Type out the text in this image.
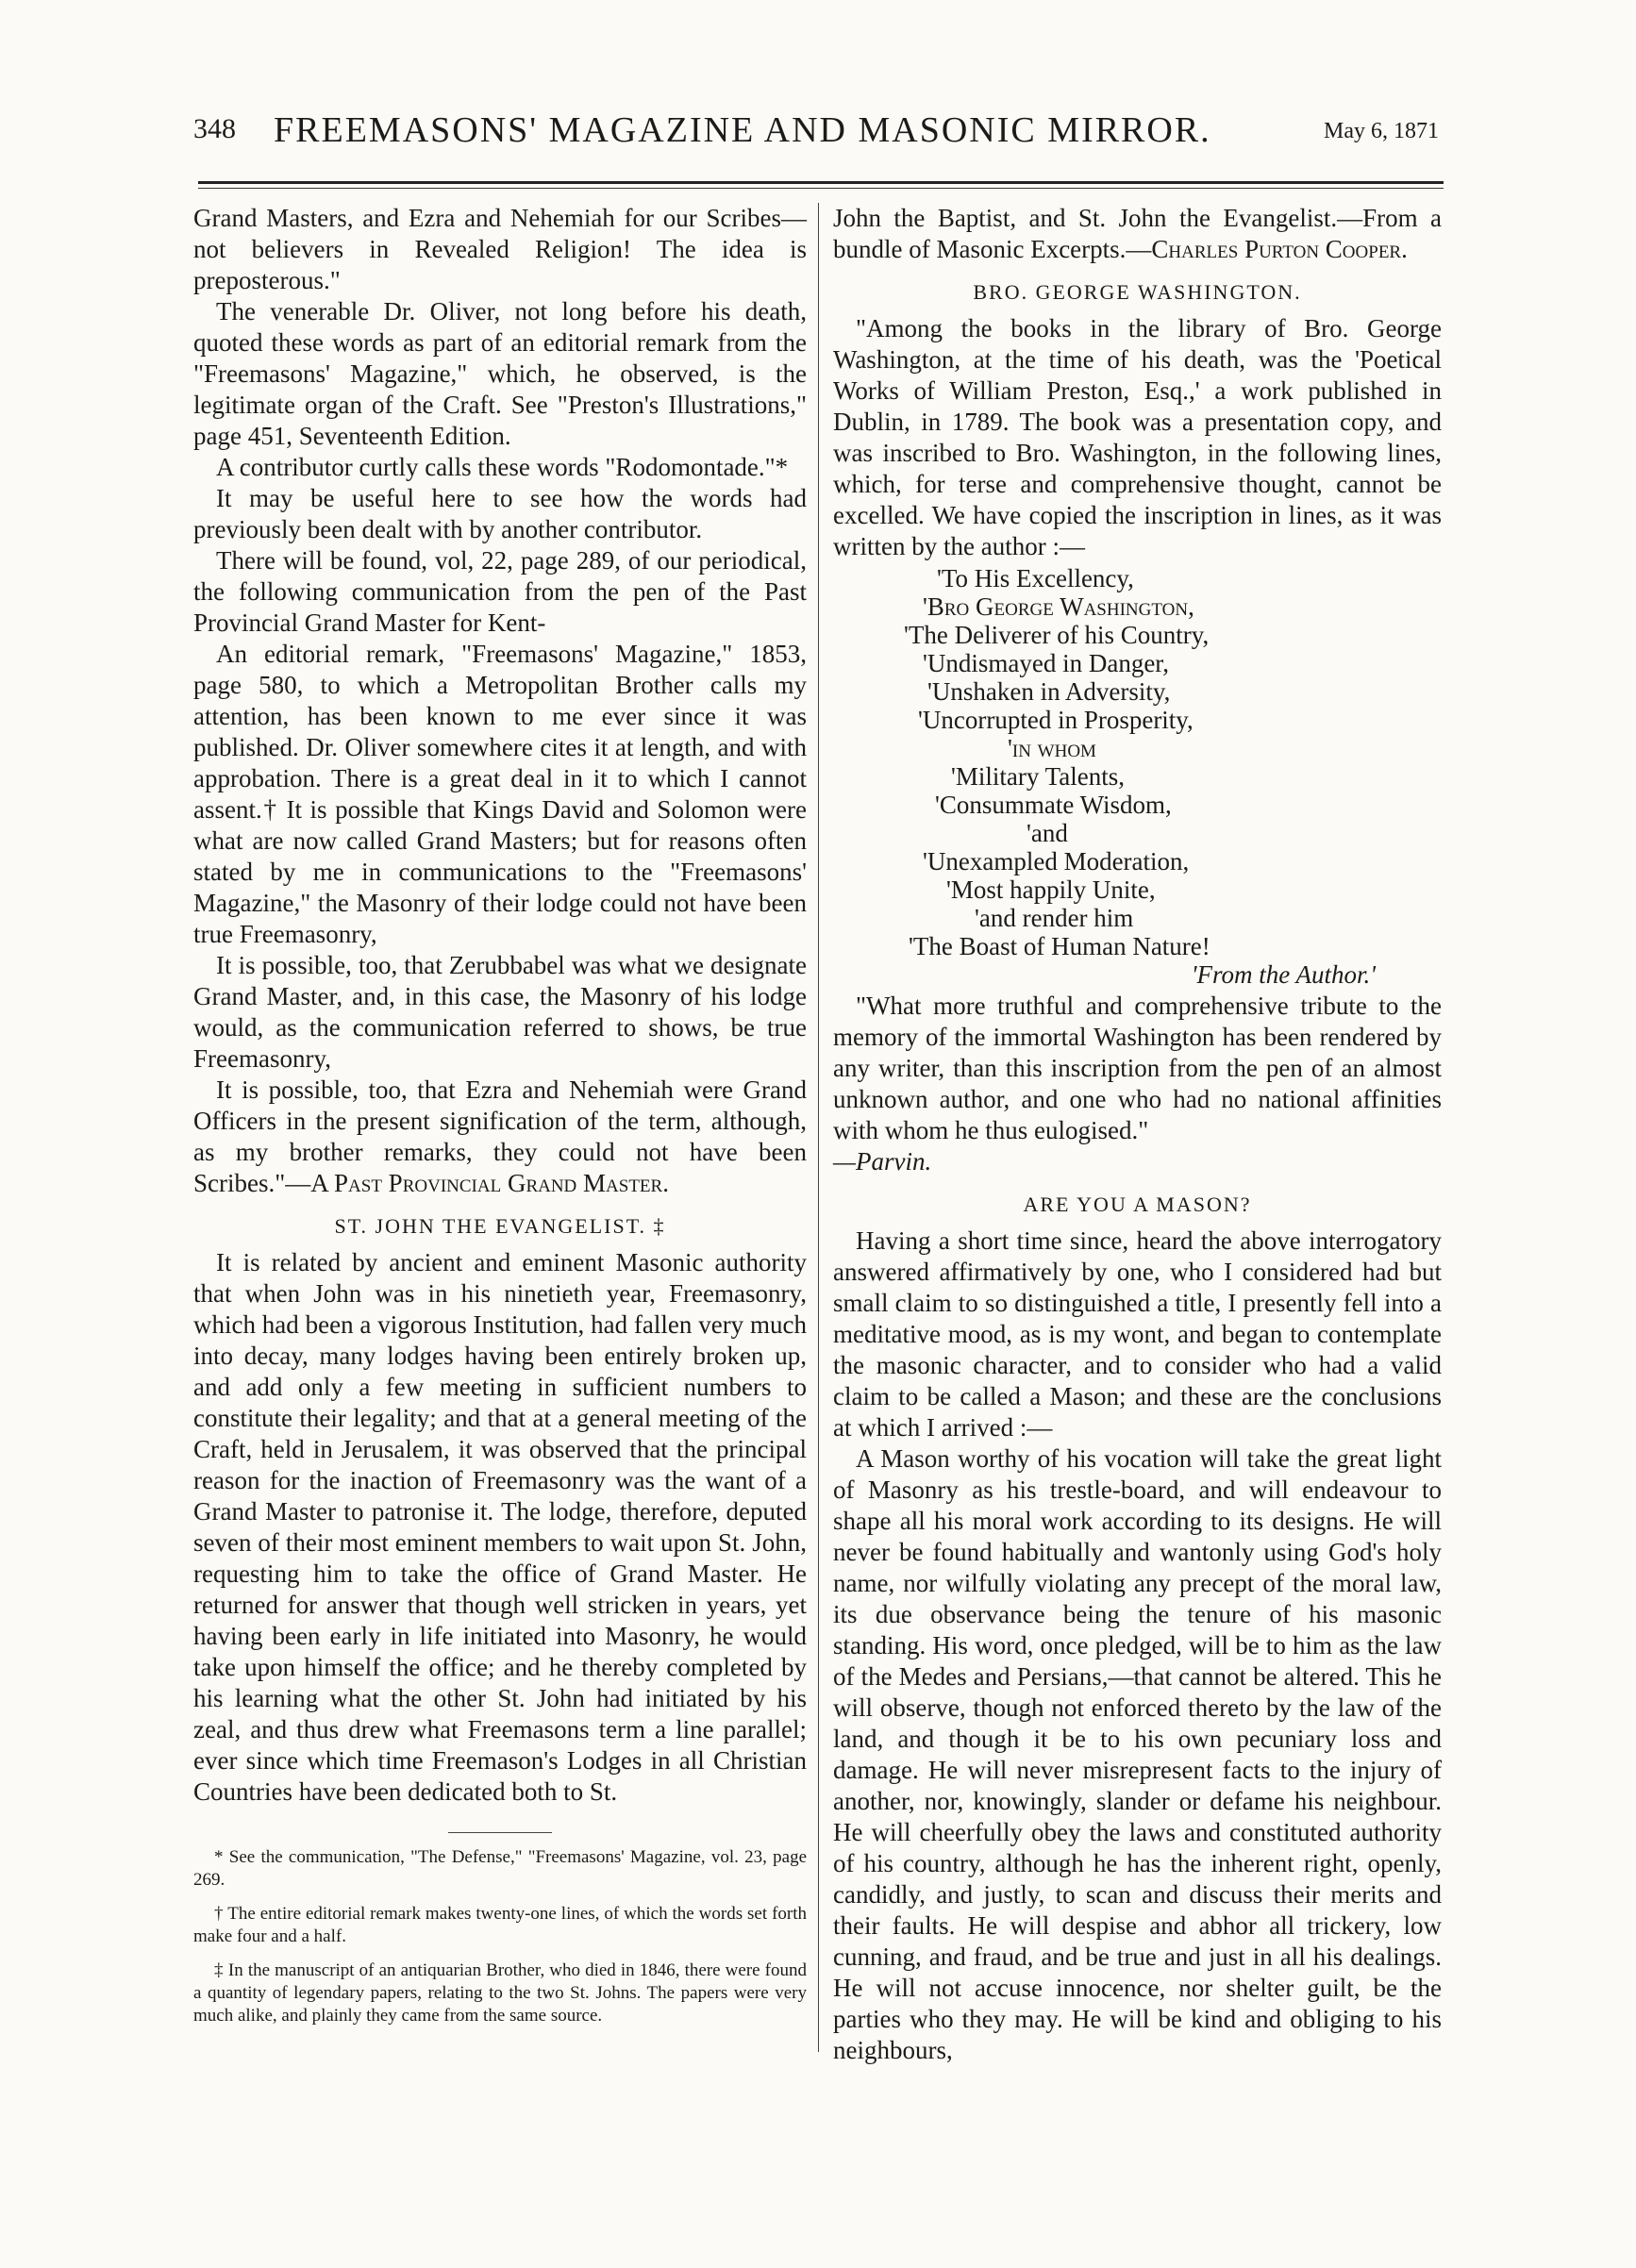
348 FREEMASONS' MAGAZINE AND MASONIC MIRROR.	May 6, 1871

Grand Masters, and Ezra and Nehemiah for our Scribes—not believers in Revealed Religion! The idea is preposterous."

The venerable Dr. Oliver, not long before his death, quoted these words as part of an editorial remark from the "Freemasons' Magazine," which, he observed, is the legitimate organ of the Craft. See "Preston's Illustrations," page 451, Seventeenth Edition.

A contributor curtly calls these words "Rodomontade."*

It may be useful here to see how the words had previously been dealt with by another contributor.

There will be found, vol, 22, page 289, of our periodical, the following communication from the pen of the Past Provincial Grand Master for Kent-

An editorial remark, "Freemasons' Magazine," 1853, page 580, to which a Metropolitan Brother calls my attention, has been known to me ever since it was published. Dr. Oliver somewhere cites it at length, and with approbation. There is a great deal in it to which I cannot assent.† It is possible that Kings David and Solomon were what are now called Grand Masters; but for reasons often stated by me in communications to the "Freemasons' Magazine," the Masonry of their lodge could not have been true Freemasonry,

It is possible, too, that Zerubbabel was what we designate Grand Master, and, in this case, the Masonry of his lodge would, as the communication referred to shows, be true Freemasonry,

It is possible, too, that Ezra and Nehemiah were Grand Officers in the present signification of the term, although, as my brother remarks, they could not have been Scribes."—A Past Provincial Grand Master.

ST. JOHN THE EVANGELIST. ‡

It is related by ancient and eminent Masonic authority that when John was in his ninetieth year, Freemasonry, which had been a vigorous Institution, had fallen very much into decay, many lodges having been entirely broken up, and add only a few meeting in sufficient numbers to constitute their legality; and that at a general meeting of the Craft, held in Jerusalem, it was observed that the principal reason for the inaction of Freemasonry was the want of a Grand Master to patronise it. The lodge, therefore, deputed seven of their most eminent members to wait upon St. John, requesting him to take the office of Grand Master. He returned for answer that though well stricken in years, yet having been early in life initiated into Masonry, he would take upon himself the office; and he thereby completed by his learning what the other St. John had initiated by his zeal, and thus drew what Freemasons term a line parallel; ever since which time Freemason's Lodges in all Christian Countries have been dedicated both to St.

* See the communication, "The Defense," "Freemasons' Magazine, vol. 23, page 269.
† The entire editorial remark makes twenty-one lines, of which the words set forth make four and a half.
‡ In the manuscript of an antiquarian Brother, who died in 1846, there were found a quantity of legendary papers, relating to the two St. Johns. The papers were very much alike, and plainly they came from the same source.

John the Baptist, and St. John the Evangelist.—From a bundle of Masonic Excerpts.—Charles Purton Cooper.

BRO. GEORGE WASHINGTON.

"Among the books in the library of Bro. George Washington, at the time of his death, was the 'Poetical Works of William Preston, Esq.,' a work published in Dublin, in 1789. The book was a presentation copy, and was inscribed to Bro. Washington, in the following lines, which, for terse and comprehensive thought, cannot be excelled. We have copied the inscription in lines, as it was written by the author :—

'To His Excellency,
'Bro George Washington,
'The Deliverer of his Country,
'Undismayed in Danger,
'Unshaken in Adversity,
'Uncorrupted in Prosperity,
'in whom
'Military Talents,
'Consummate Wisdom,
'and
'Unexampled Moderation,
'Most happily Unite,
'and render him
'The Boast of Human Nature!
'From the Author.'

"What more truthful and comprehensive tribute to the memory of the immortal Washington has been rendered by any writer, than this inscription from the pen of an almost unknown author, and one who had no national affinities with whom he thus eulogised."

—Parvin.

ARE YOU A MASON?

Having a short time since, heard the above interrogatory answered affirmatively by one, who I considered had but small claim to so distinguished a title, I presently fell into a meditative mood, as is my wont, and began to contemplate the masonic character, and to consider who had a valid claim to be called a Mason; and these are the conclusions at which I arrived :—

A Mason worthy of his vocation will take the great light of Masonry as his trestle-board, and will endeavour to shape all his moral work according to its designs. He will never be found habitually and wantonly using God's holy name, nor wilfully violating any precept of the moral law, its due observance being the tenure of his masonic standing. His word, once pledged, will be to him as the law of the Medes and Persians,—that cannot be altered. This he will observe, though not enforced thereto by the law of the land, and though it be to his own pecuniary loss and damage. He will never misrepresent facts to the injury of another, nor, knowingly, slander or defame his neighbour. He will cheerfully obey the laws and constituted authority of his country, although he has the inherent right, openly, candidly, and justly, to scan and discuss their merits and their faults. He will despise and abhor all trickery, low cunning, and fraud, and be true and just in all his dealings. He will not accuse innocence, nor shelter guilt, be the parties who they may. He will be kind and obliging to his neighbours,
